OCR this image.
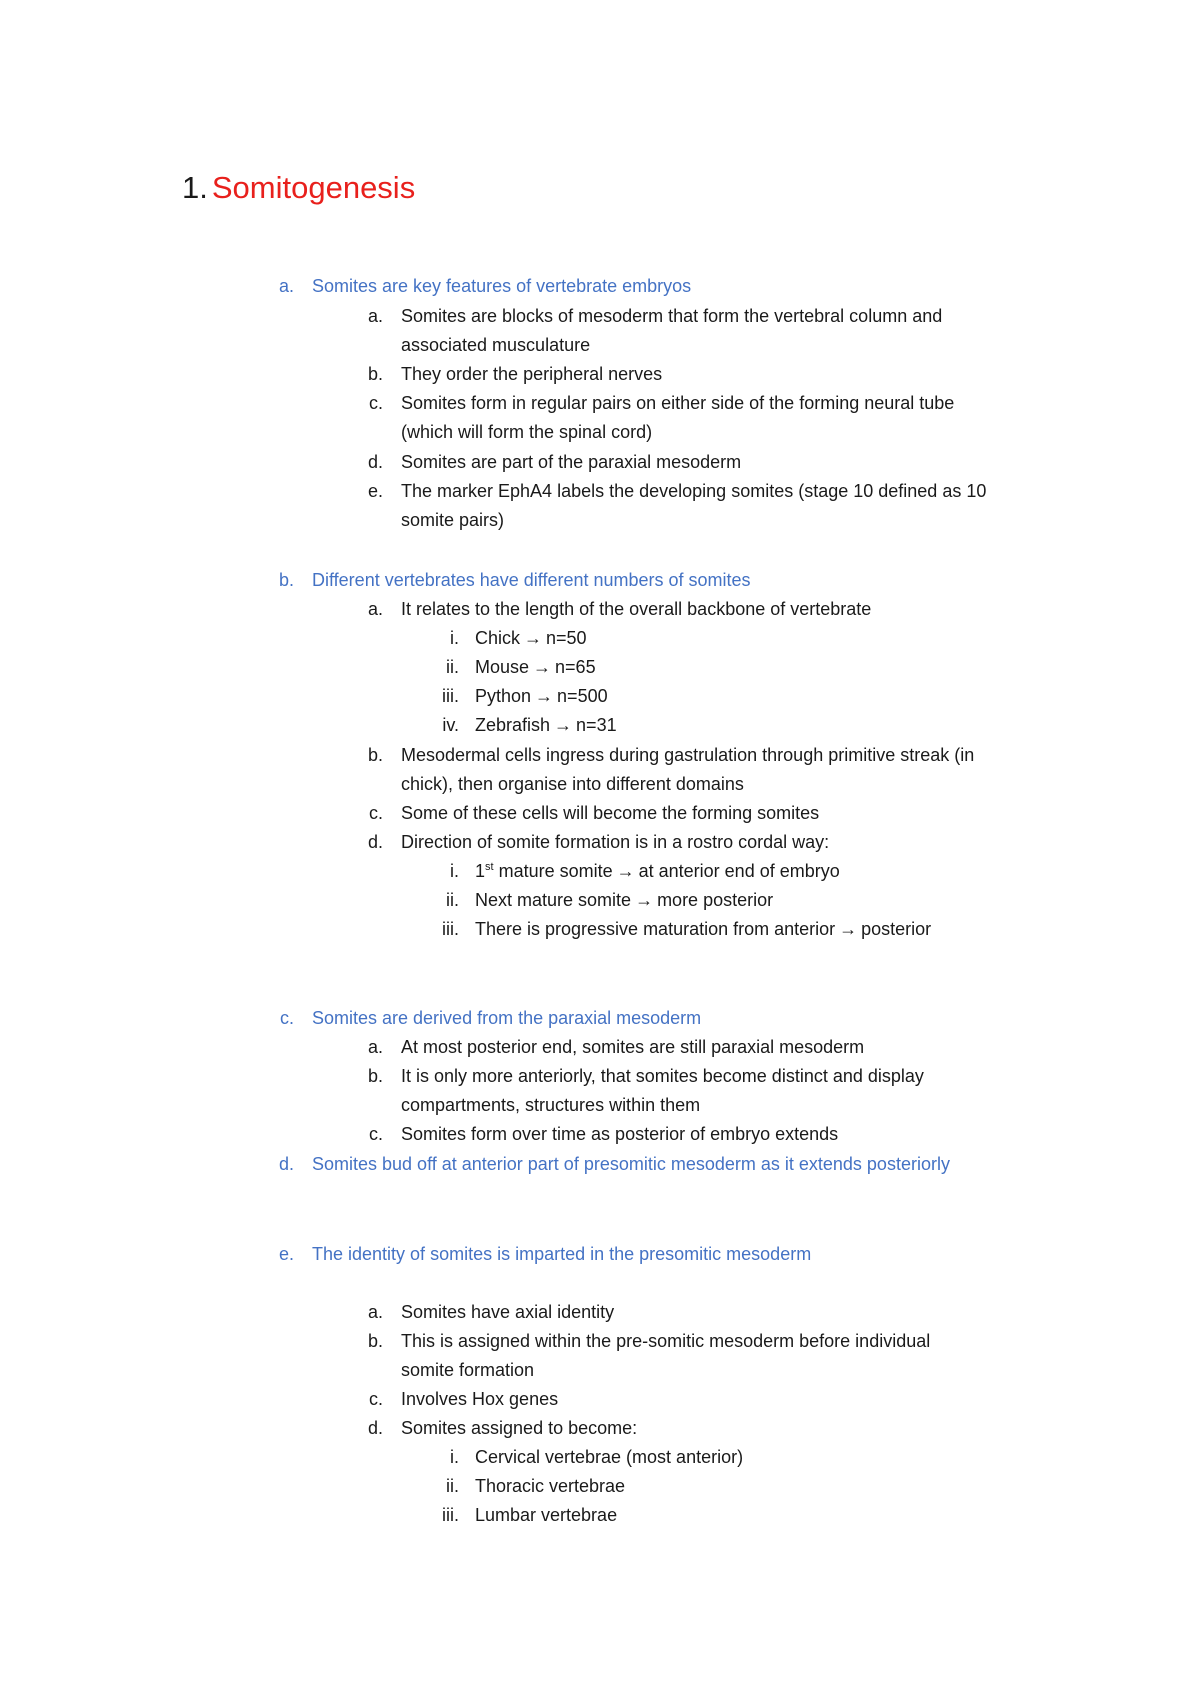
1. Somitogenesis
a. Somites are key features of vertebrate embryos
a. Somites are blocks of mesoderm that form the vertebral column and
associated musculature
b. They order the peripheral nerves
c. Somites form in regular pairs on either side of the forming neural tube
(which will form the spinal cord)
d. Somites are part of the paraxial mesoderm
e. The marker EphA4 labels the developing somites (stage 10 defined as 10
somite pairs)
b. Different vertebrates have different numbers of somites
a. It relates to the length of the overall backbone of vertebrate
i. Chick → n=50
ii. Mouse → n=65
iii. Python → n=500
iv. Zebrafish → n=31
b. Mesodermal cells ingress during gastrulation through primitive streak (in
chick), then organise into different domains
c. Some of these cells will become the forming somites
d. Direction of somite formation is in a rostro cordal way:
i. 1st mature somite → at anterior end of embryo
ii. Next mature somite → more posterior
iii. There is progressive maturation from anterior → posterior
c. Somites are derived from the paraxial mesoderm
a. At most posterior end, somites are still paraxial mesoderm
b. It is only more anteriorly, that somites become distinct and display
compartments, structures within them
c. Somites form over time as posterior of embryo extends
d. Somites bud off at anterior part of presomitic mesoderm as it extends posteriorly
e. The identity of somites is imparted in the presomitic mesoderm
a. Somites have axial identity
b. This is assigned within the pre-somitic mesoderm before individual
somite formation
c. Involves Hox genes
d. Somites assigned to become:
i. Cervical vertebrae (most anterior)
ii. Thoracic vertebrae
iii. Lumbar vertebrae
